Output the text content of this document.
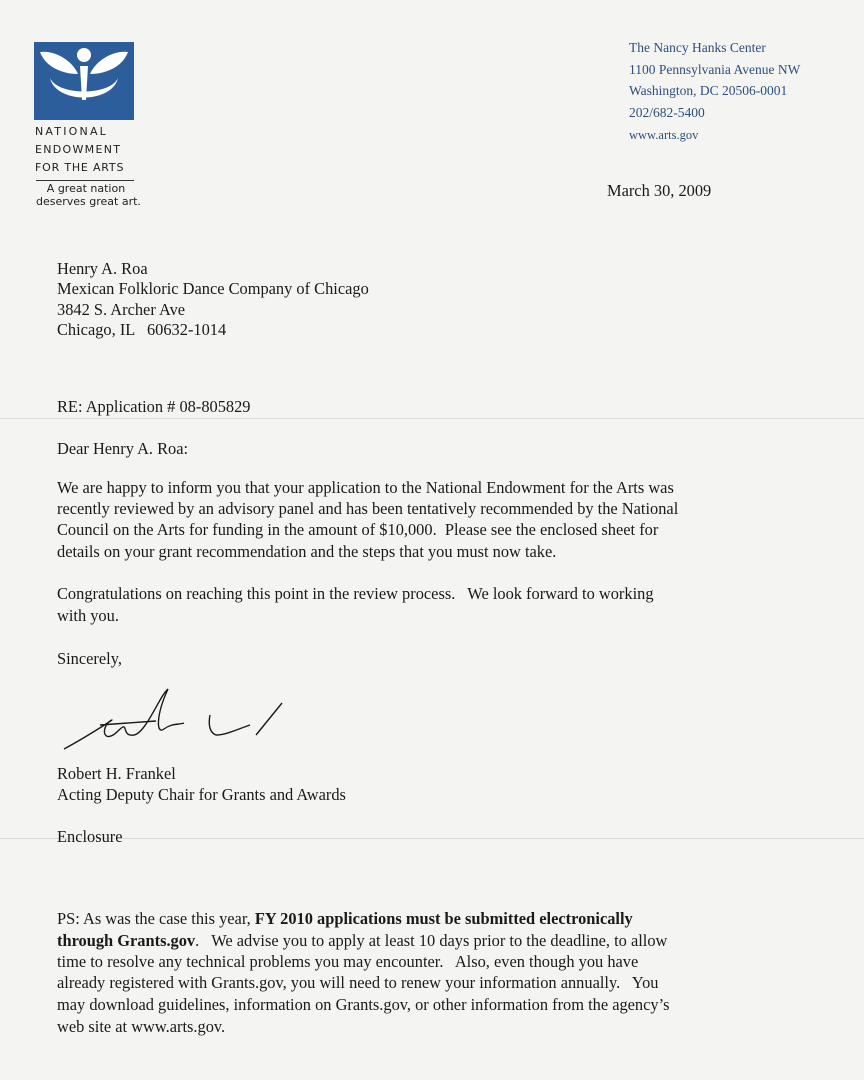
NATIONAL
ENDOWMENT
FOR THE ARTS
A great nation
deserves great art.
The Nancy Hanks Center
1100 Pennsylvania Avenue NW
Washington, DC 20506-0001
202/682-5400
www.arts.gov
March 30, 2009
Henry A. Roa
Mexican Folkloric Dance Company of Chicago
3842 S. Archer Ave
Chicago, IL   60632-1014
RE: Application # 08-805829
Dear Henry A. Roa:
We are happy to inform you that your application to the National Endowment for the Arts was
recently reviewed by an advisory panel and has been tentatively recommended by the National
Council on the Arts for funding in the amount of $10,000.  Please see the enclosed sheet for
details on your grant recommendation and the steps that you must now take.
Congratulations on reaching this point in the review process.   We look forward to working
with you.
Sincerely,
Robert H. Frankel
Acting Deputy Chair for Grants and Awards
Enclosure
PS: As was the case this year, FY 2010 applications must be submitted electronically
through Grants.gov.   We advise you to apply at least 10 days prior to the deadline, to allow
time to resolve any technical problems you may encounter.   Also, even though you have
already registered with Grants.gov, you will need to renew your information annually.   You
may download guidelines, information on Grants.gov, or other information from the agency’s
web site at www.arts.gov.
